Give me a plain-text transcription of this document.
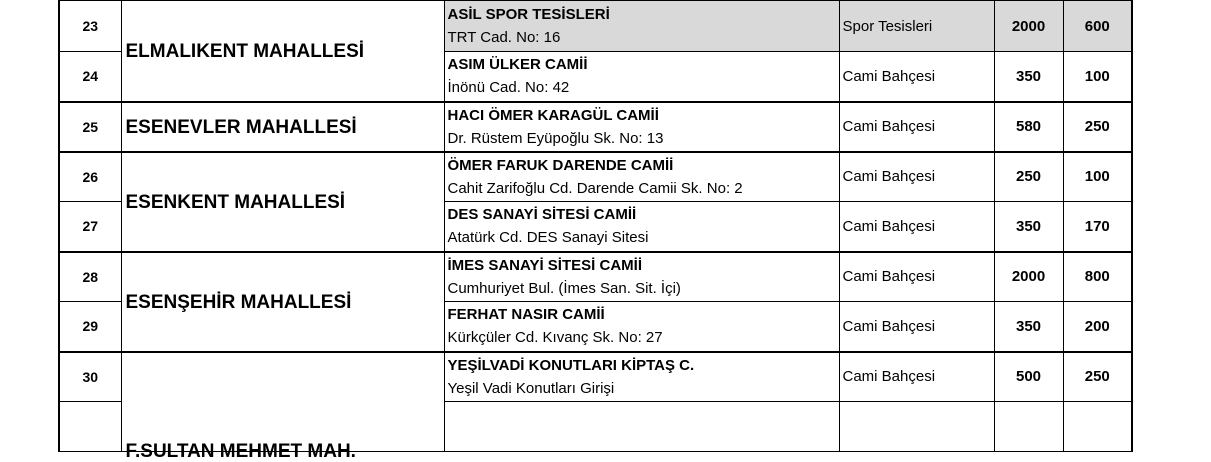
23	ELMALIKENT MAHALLESİ	ASİL SPOR TESİSLERİ
TRT Cad. No: 16	Spor Tesisleri	2000	600
24		ASIM ÜLKER CAMİİ
İnönü Cad. No: 42	Cami Bahçesi	350	100
25	ESENEVLER MAHALLESİ	HACI ÖMER KARAGÜL CAMİİ
Dr. Rüstem Eyüpoğlu Sk. No: 13	Cami Bahçesi	580	250
26	ESENKENT MAHALLESİ	ÖMER FARUK DARENDE CAMİİ
Cahit Zarifoğlu Cd. Darende Camii Sk. No: 2	Cami Bahçesi	250	100
27		DES SANAYİ SİTESİ CAMİİ
Atatürk Cd. DES Sanayi Sitesi	Cami Bahçesi	350	170
28	ESENŞEHİR MAHALLESİ	İMES SANAYİ SİTESİ CAMİİ
Cumhuriyet Bul. (İmes San. Sit. İçi)	Cami Bahçesi	2000	800
29		FERHAT NASIR CAMİİ
Kürkçüler Cd. Kıvanç Sk. No: 27	Cami Bahçesi	350	200
30	F.SULTAN MEHMET MAH.	YEŞİLVADİ KONUTLARI KİPTAŞ C.
Yeşil Vadi Konutları Girişi	Cami Bahçesi	500	250
